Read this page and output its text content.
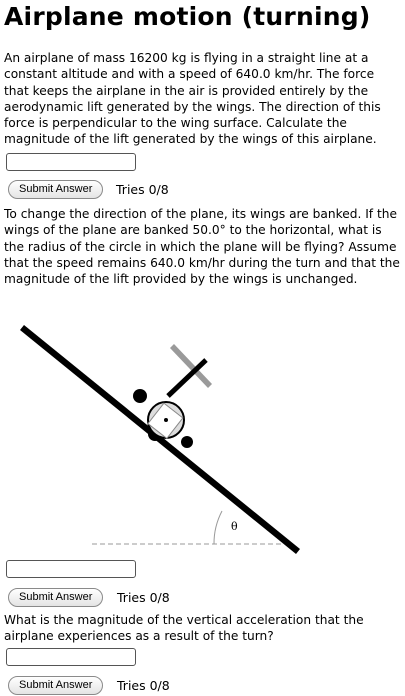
Airplane motion (turning)
An airplane of mass 16200 kg is flying in a straight line at a constant altitude and with a speed of 640.0 km/hr. The force that keeps the airplane in the air is provided entirely by the aerodynamic lift generated by the wings. The direction of this force is perpendicular to the wing surface. Calculate the magnitude of the lift generated by the wings of this airplane.
Submit Answer	Tries 0/8
To change the direction of the plane, its wings are banked. If the wings of the plane are banked 50.0° to the horizontal, what is the radius of the circle in which the plane will be flying? Assume that the speed remains 640.0 km/hr during the turn and that the magnitude of the lift provided by the wings is unchanged.
θ
Submit Answer	Tries 0/8
What is the magnitude of the vertical acceleration that the airplane experiences as a result of the turn?
Submit Answer	Tries 0/8
